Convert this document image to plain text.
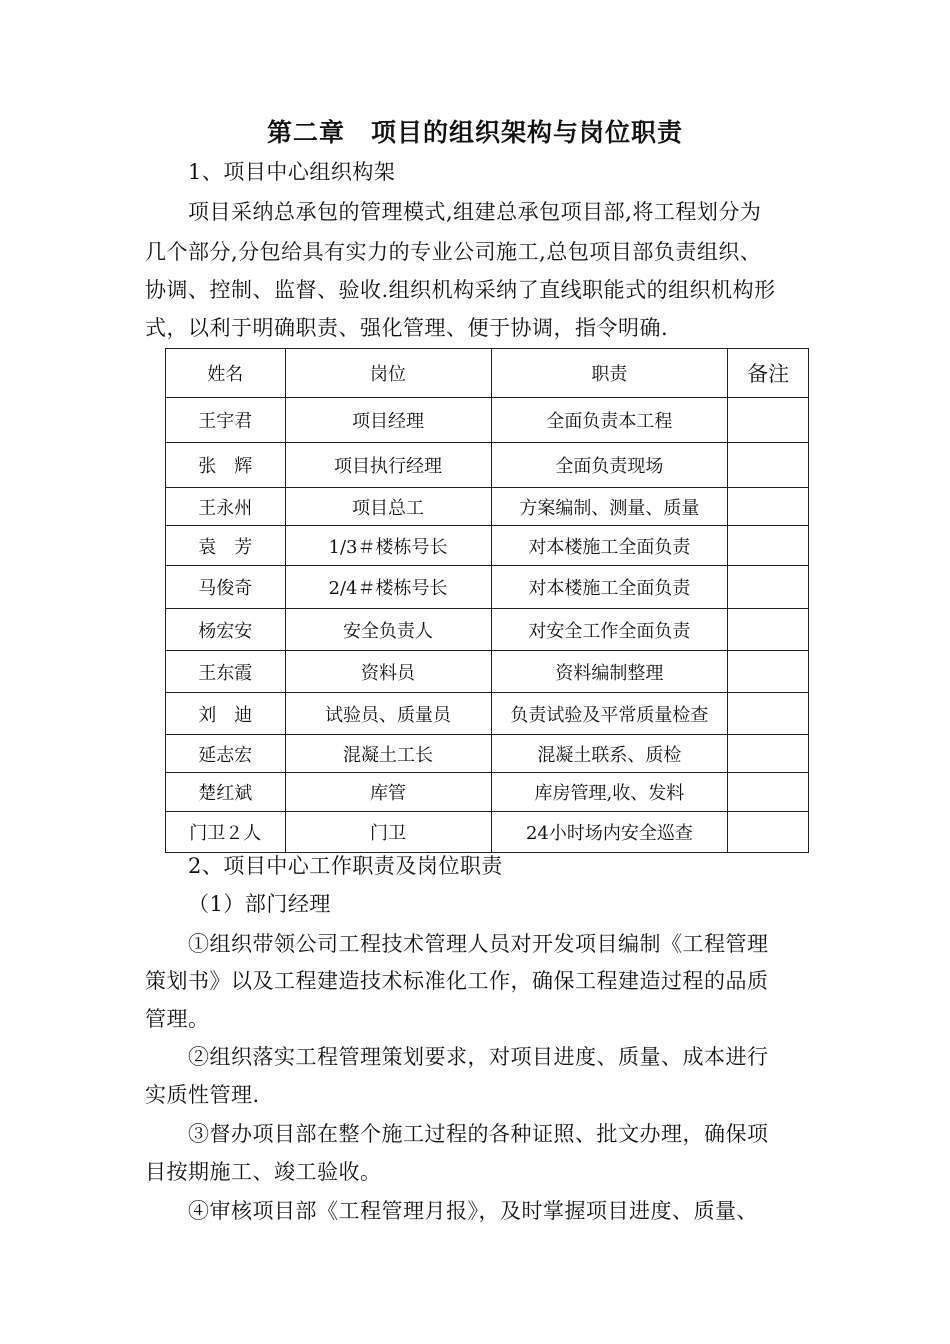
第二章　项目的组织架构与岗位职责
1、项目中心组织构架
项目采纳总承包的管理模式,组建总承包项目部,将工程划分为
几个部分,分包给具有实力的专业公司施工,总包项目部负责组织、
协调、控制、监督、验收.组织机构采纳了直线职能式的组织机构形
式，以利于明确职责、强化管理、便于协调，指令明确.
姓名	岗位	职责	备注
王宇君	项目经理	全面负责本工程	
张　辉	项目执行经理	全面负责现场	
王永州	项目总工	方案编制、测量、质量	
袁　芳	1/3＃楼栋号长	对本楼施工全面负责	
马俊奇	2/4＃楼栋号长	对本楼施工全面负责	
杨宏安	安全负责人	对安全工作全面负责	
王东霞	资料员	资料编制整理	
刘　迪	试验员、质量员	负责试验及平常质量检查	
延志宏	混凝土工长	混凝土联系、质检	
楚红斌	库管	库房管理,收、发料	
门卫２人	门卫	24小时场内安全巡查	
2、项目中心工作职责及岗位职责
（1）部门经理
①组织带领公司工程技术管理人员对开发项目编制《工程管理
策划书》以及工程建造技术标准化工作，确保工程建造过程的品质
管理。
②组织落实工程管理策划要求，对项目进度、质量、成本进行
实质性管理.
③督办项目部在整个施工过程的各种证照、批文办理，确保项
目按期施工、竣工验收。
④审核项目部《工程管理月报》，及时掌握项目进度、质量、
